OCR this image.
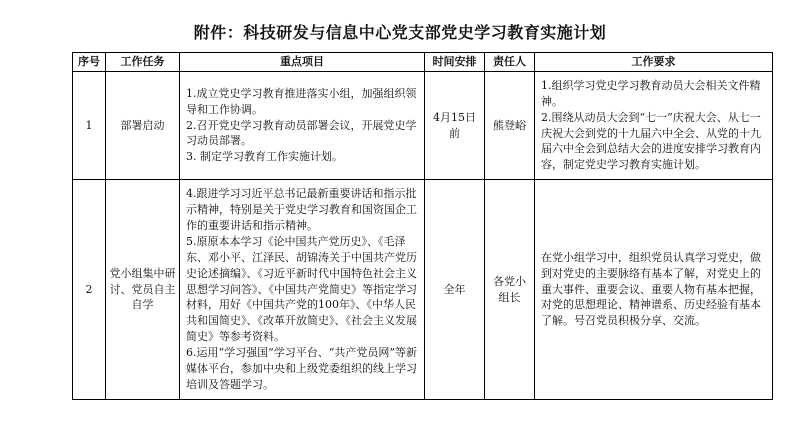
附件：科技研发与信息中心党支部党史学习教育实施计划
序号	工作任务	重点项目	时间安排	责任人	工作要求
1	部署启动	1.成立党史学习教育推进落实小组，加强组织领导和工作协调。
2.召开党史学习教育动员部署会议，开展党史学习动员部署。
3. 制定学习教育工作实施计划。	4月15日前	熊登峪	1.组织学习党史学习教育动员大会相关文件精神。
2.围绕从动员大会到“七一”庆祝大会、从七一庆祝大会到党的十九届六中全会、从党的十九届六中全会到总结大会的进度安排学习教育内容，制定党史学习教育实施计划。

2	党小组集中研讨、党员自主自学	4.跟进学习习近平总书记最新重要讲话和指示批示精神，特别是关于党史学习教育和国资国企工作的重要讲话和指示精神。
5.原原本本学习《论中国共产党历史》、《毛泽东、邓小平、江泽民、胡锦涛关于中国共产党历史论述摘编》、《习近平新时代中国特色社会主义思想学习问答》、《中国共产党简史》等指定学习材料，用好《中国共产党的100年》、《中华人民共和国简史》、《改革开放简史》、《社会主义发展简史》等参考资料。
6.运用“学习强国”学习平台、“共产党员网”等新媒体平台，参加中央和上级党委组织的线上学习培训及答题学习。	全年	各党小组长	在党小组学习中，组织党员认真学习党史，做到对党史的主要脉络有基本了解，对党史上的重大事件、重要会议、重要人物有基本把握，对党的思想理论、精神谱系、历史经验有基本了解。号召党员积极分享、交流。
